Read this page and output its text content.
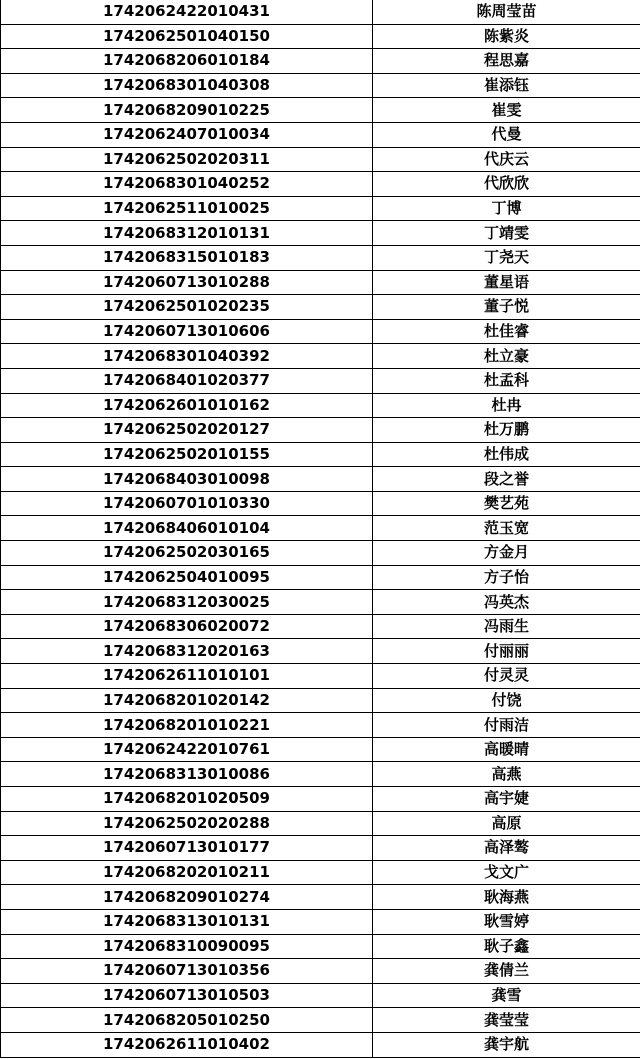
1742062422010431	陈周莹苗
1742062501040150	陈紫炎
1742068206010184	程思嘉
1742068301040308	崔添钰
1742068209010225	崔雯
1742062407010034	代曼
1742062502020311	代庆云
1742068301040252	代欣欣
1742062511010025	丁博
1742068312010131	丁靖雯
1742068315010183	丁尧天
1742060713010288	董星语
1742062501020235	董子悦
1742060713010606	杜佳睿
1742068301040392	杜立豪
1742068401020377	杜孟科
1742062601010162	杜冉
1742062502020127	杜万鹏
1742062502010155	杜伟成
1742068403010098	段之誉
1742060701010330	樊艺苑
1742068406010104	范玉宽
1742062502030165	方金月
1742062504010095	方子怡
1742068312030025	冯英杰
1742068306020072	冯雨生
1742068312020163	付丽丽
1742062611010101	付灵灵
1742068201020142	付饶
1742068201010221	付雨洁
1742062422010761	高暖晴
1742068313010086	高燕
1742068201020509	高宇婕
1742062502020288	高原
1742060713010177	高泽骜
1742068202010211	戈文广
1742068209010274	耿海燕
1742068313010131	耿雪婷
1742068310090095	耿子鑫
1742060713010356	龚倩兰
1742060713010503	龚雪
1742068205010250	龚莹莹
1742062611010402	龚宇航
